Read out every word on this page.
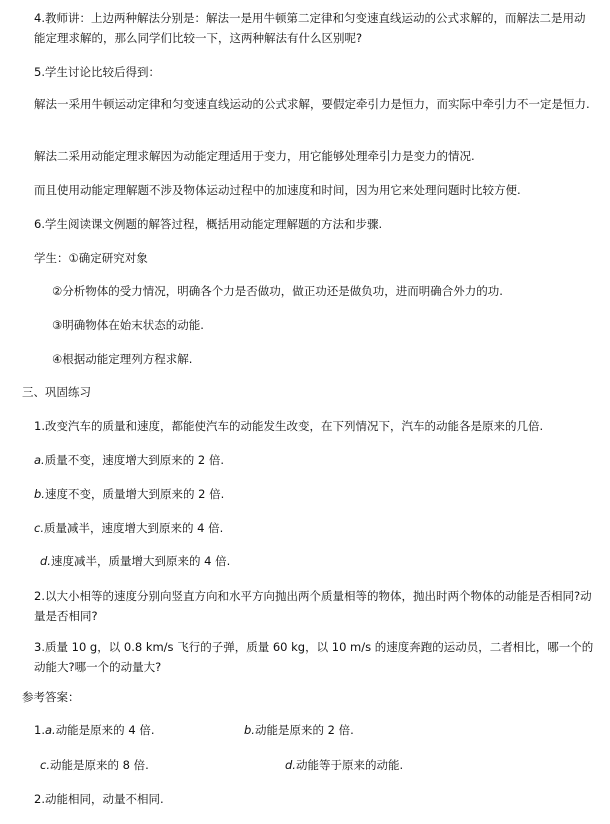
4.教师讲：上边两种解法分别是：解法一是用牛顿第二定律和匀变速直线运动的公式求解的，而解法二是用动能定理求解的，那么同学们比较一下，这两种解法有什么区别呢?

5.学生讨论比较后得到：

解法一采用牛顿运动定律和匀变速直线运动的公式求解，要假定牵引力是恒力，而实际中牵引力不一定是恒力.

解法二采用动能定理求解因为动能定理适用于变力，用它能够处理牵引力是变力的情况.

而且使用动能定理解题不涉及物体运动过程中的加速度和时间，因为用它来处理问题时比较方便.

6.学生阅读课文例题的解答过程，概括用动能定理解题的方法和步骤.

学生：①确定研究对象

②分析物体的受力情况，明确各个力是否做功，做正功还是做负功，进而明确合外力的功.

③明确物体在始末状态的动能.

④根据动能定理列方程求解.

三、巩固练习

1.改变汽车的质量和速度，都能使汽车的动能发生改变，在下列情况下，汽车的动能各是原来的几倍.

a.质量不变，速度增大到原来的 2 倍.

b.速度不变，质量增大到原来的 2 倍.

c.质量减半，速度增大到原来的 4 倍.

d.速度减半，质量增大到原来的 4 倍.

2.以大小相等的速度分别向竖直方向和水平方向抛出两个质量相等的物体，抛出时两个物体的动能是否相同?动量是否相同?

3.质量 10 g，以 0.8 km/s 飞行的子弹，质量 60 kg，以 10 m/s 的速度奔跑的运动员，二者相比，哪一个的动能大?哪一个的动量大?

参考答案：

1.a.动能是原来的 4 倍.	b.动能是原来的 2 倍.
c.动能是原来的 8 倍.	d.动能等于原来的动能.

2.动能相同，动量不相同.
